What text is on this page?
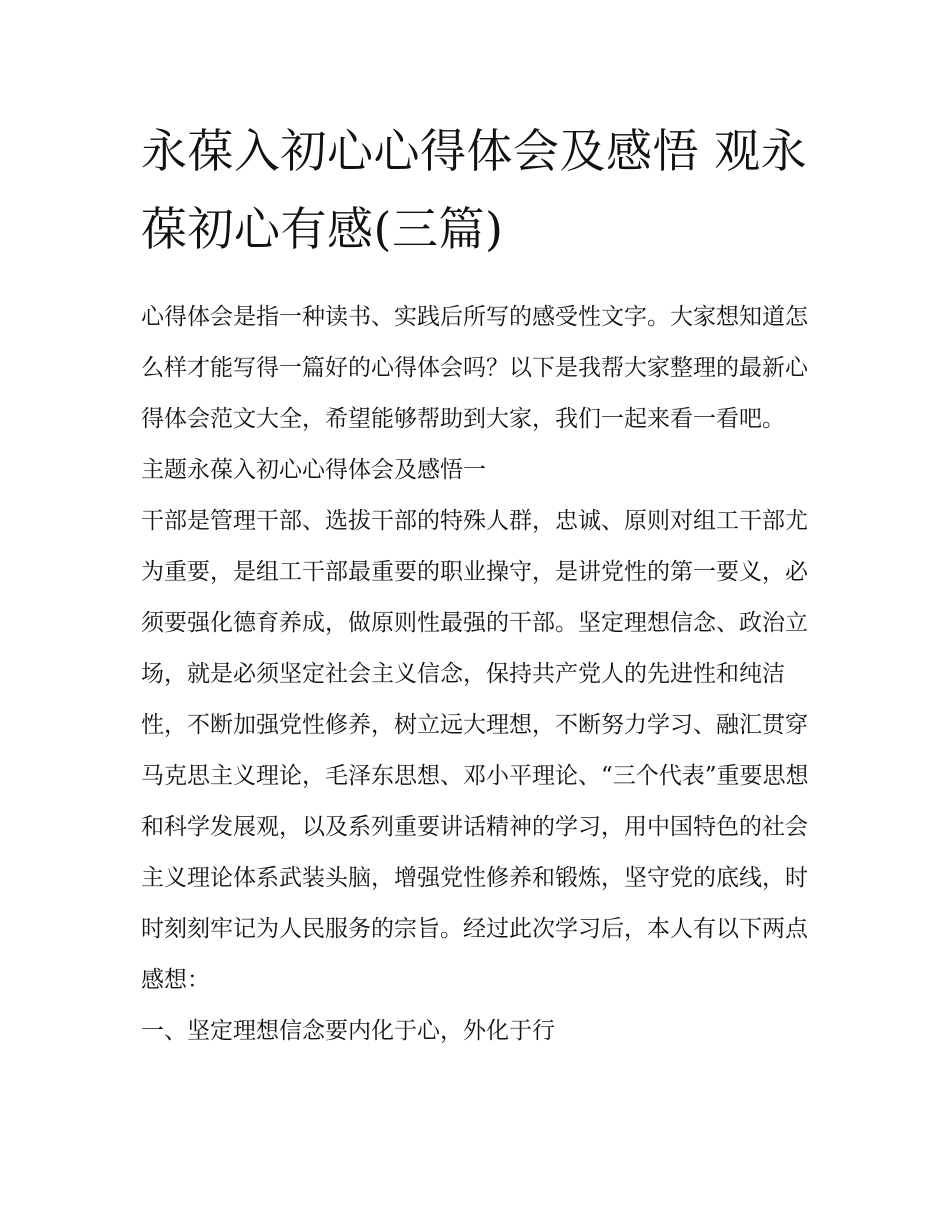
永葆入初心心得体会及感悟 观永葆初心有感(三篇)

心得体会是指一种读书、实践后所写的感受性文字。大家想知道怎么样才能写得一篇好的心得体会吗？以下是我帮大家整理的最新心得体会范文大全，希望能够帮助到大家，我们一起来看一看吧。

主题永葆入初心心得体会及感悟一

干部是管理干部、选拔干部的特殊人群，忠诚、原则对组工干部尤为重要，是组工干部最重要的职业操守，是讲党性的第一要义，必须要强化德育养成，做原则性最强的干部。坚定理想信念、政治立场，就是必须坚定社会主义信念，保持共产党人的先进性和纯洁性，不断加强党性修养，树立远大理想，不断努力学习、融汇贯穿马克思主义理论，毛泽东思想、邓小平理论、“三个代表”重要思想和科学发展观，以及系列重要讲话精神的学习，用中国特色的社会主义理论体系武装头脑，增强党性修养和锻炼，坚守党的底线，时时刻刻牢记为人民服务的宗旨。经过此次学习后，本人有以下两点感想：

一、坚定理想信念要内化于心，外化于行
